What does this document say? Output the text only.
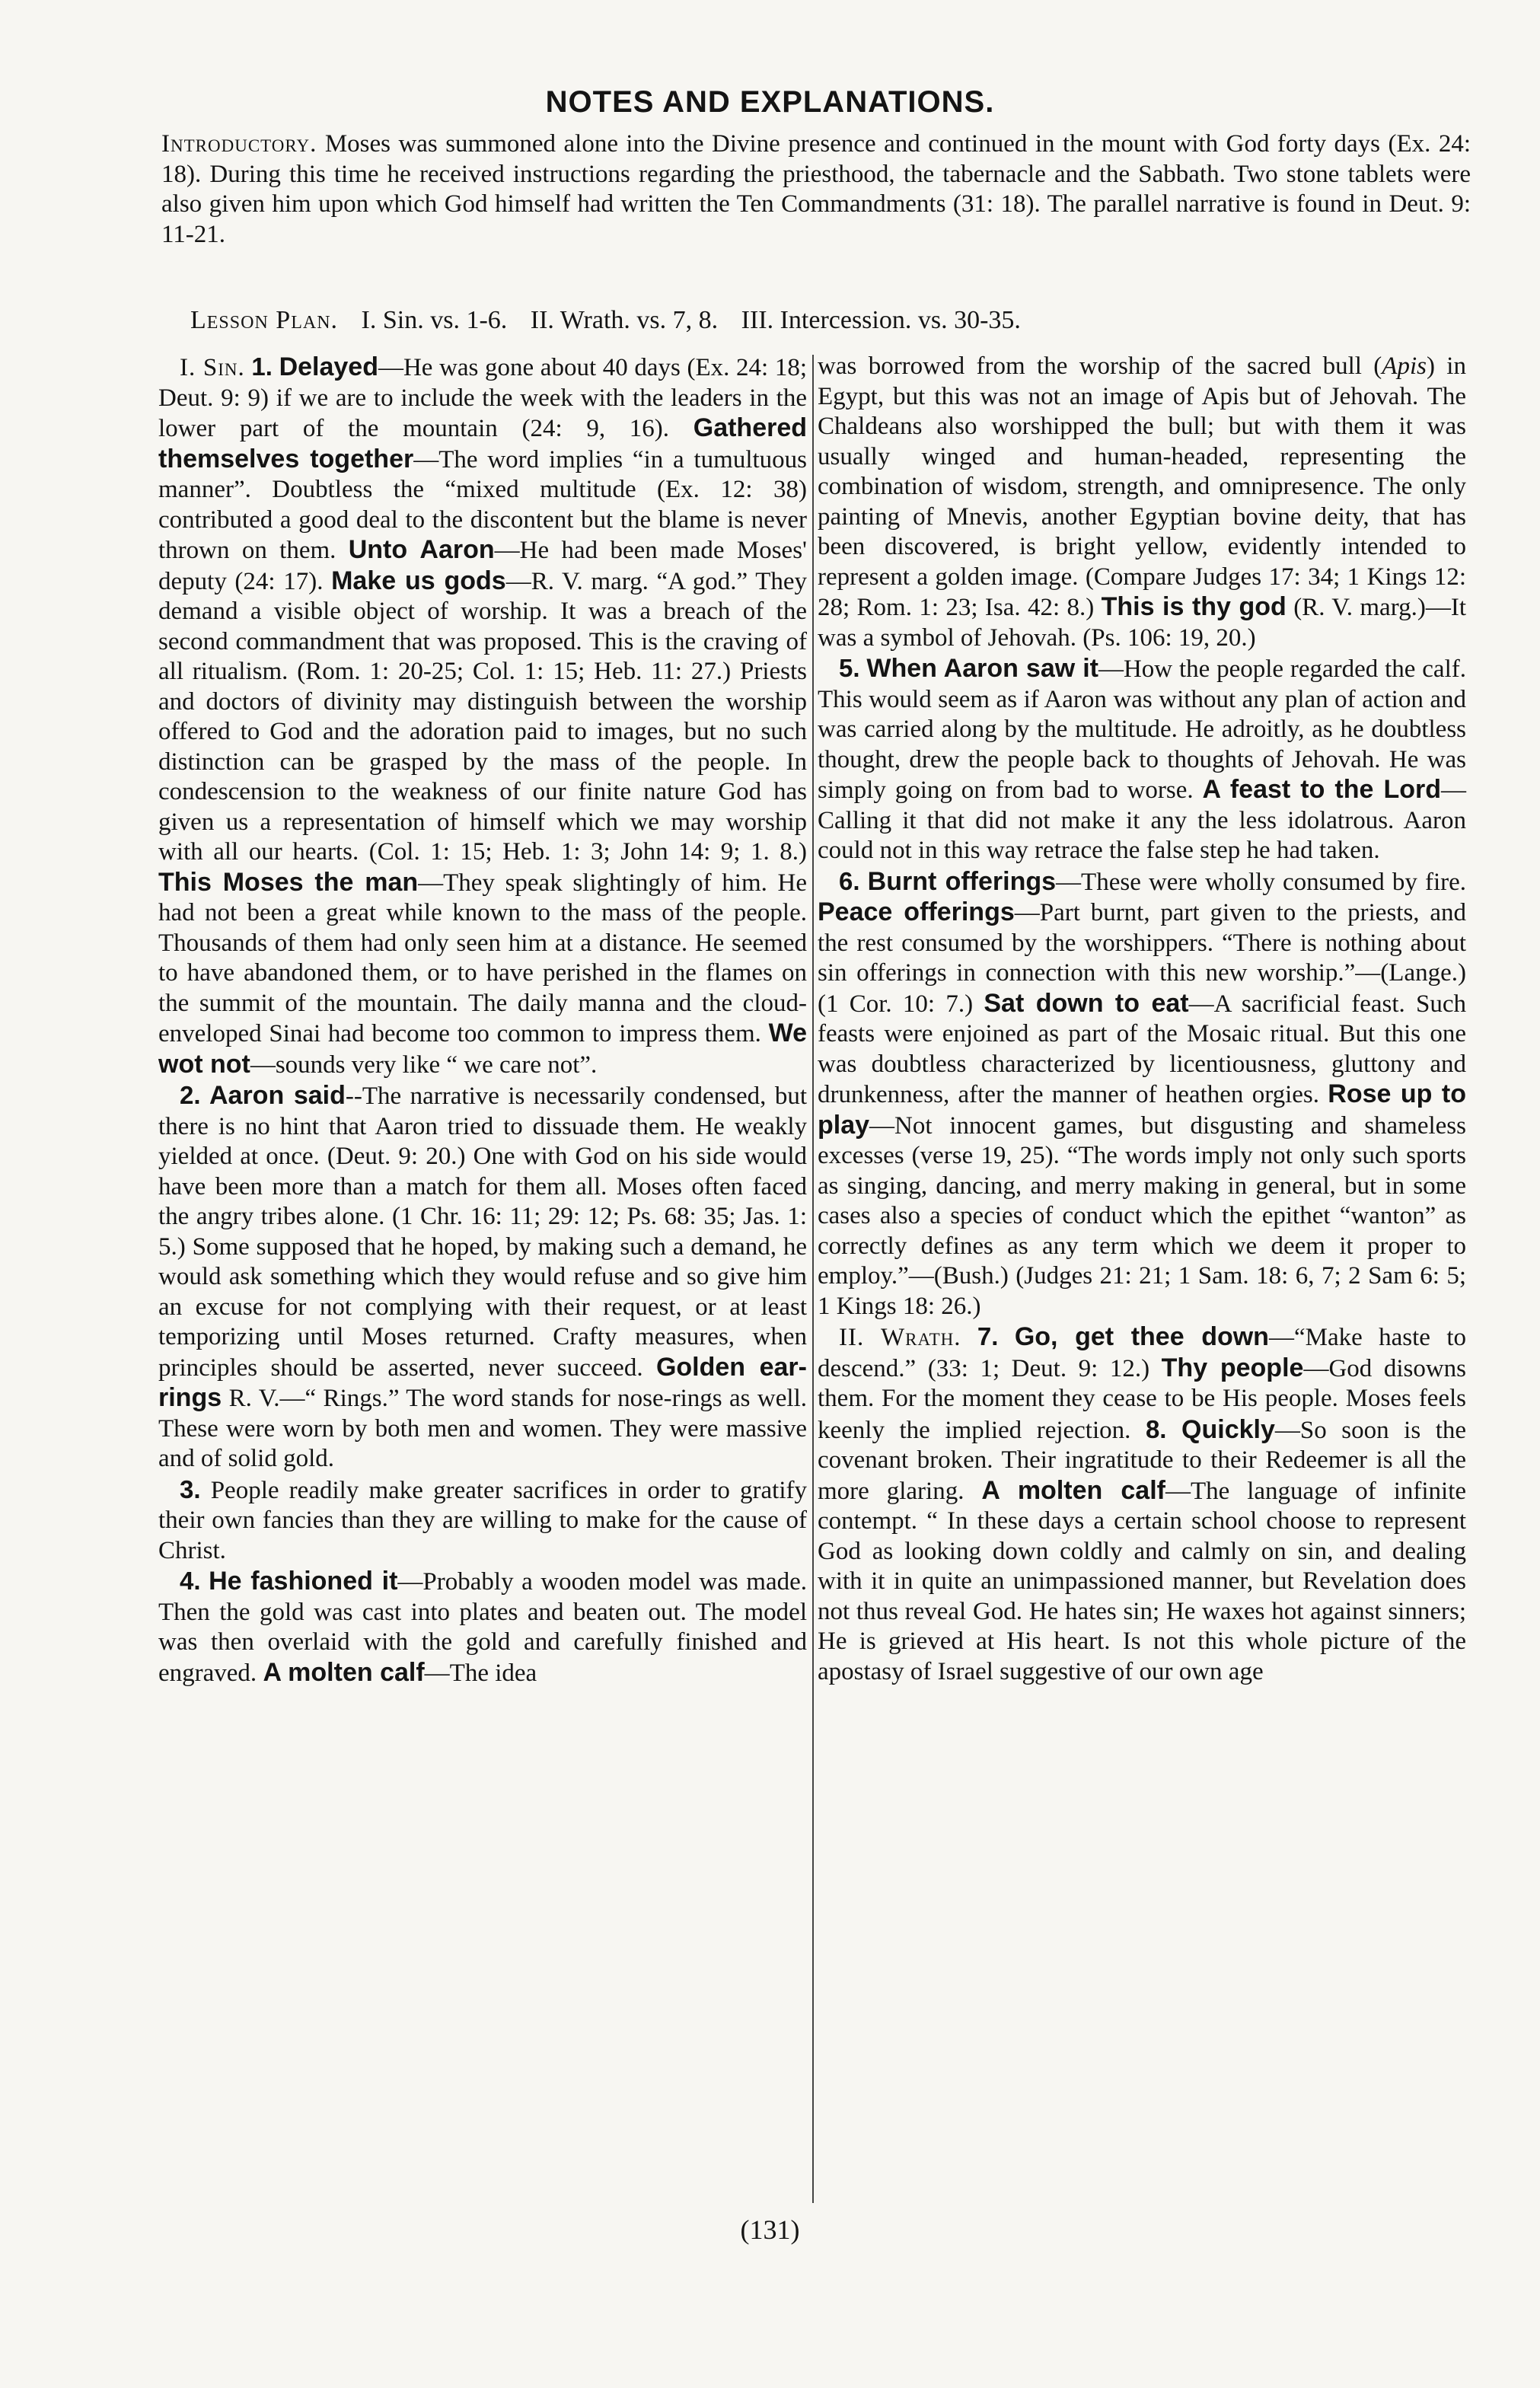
NOTES AND EXPLANATIONS.
Introductory. Moses was summoned alone into the Divine presence and continued in the mount with God forty days (Ex. 24: 18). During this time he received instructions regarding the priesthood, the tabernacle and the Sabbath. Two stone tablets were also given him upon which God himself had written the Ten Commandments (31: 18). The parallel narrative is found in Deut. 9: 11-21.
Lesson Plan. I. Sin. vs. 1-6. II. Wrath. vs. 7, 8. III. Intercession. vs. 30-35.

I. Sin. 1. Delayed—He was gone about 40 days (Ex. 24: 18; Deut. 9: 9) if we are to include the week with the leaders in the lower part of the mountain (24: 9, 16). Gathered themselves together—The word implies “in a tumultuous manner”. Doubtless the “mixed multitude (Ex. 12: 38) contributed a good deal to the discontent but the blame is never thrown on them. Unto Aaron—He had been made Moses' deputy (24: 17). Make us gods—R. V. marg. “A god.” They demand a visible object of worship. It was a breach of the second commandment that was proposed. This is the craving of all ritualism. (Rom. 1: 20-25; Col. 1: 15; Heb. 11: 27.) Priests and doctors of divinity may distinguish between the worship offered to God and the adoration paid to images, but no such distinction can be grasped by the mass of the people. In condescension to the weakness of our finite nature God has given us a representation of himself which we may worship with all our hearts. (Col. 1: 15; Heb. 1: 3; John 14: 9; 1. 8.) This Moses the man—They speak slightingly of him. He had not been a great while known to the mass of the people. Thousands of them had only seen him at a distance. He seemed to have abandoned them, or to have perished in the flames on the summit of the mountain. The daily manna and the cloud-enveloped Sinai had become too common to impress them. We wot not—sounds very like “ we care not”.

2. Aaron said--The narrative is necessarily condensed, but there is no hint that Aaron tried to dissuade them. He weakly yielded at once. (Deut. 9: 20.) One with God on his side would have been more than a match for them all. Moses often faced the angry tribes alone. (1 Chr. 16: 11; 29: 12; Ps. 68: 35; Jas. 1: 5.) Some supposed that he hoped, by making such a demand, he would ask something which they would refuse and so give him an excuse for not complying with their request, or at least temporizing until Moses returned. Crafty measures, when principles should be asserted, never succeed. Golden ear-rings R. V.—“ Rings.” The word stands for nose-rings as well. These were worn by both men and women. They were massive and of solid gold.

3. People readily make greater sacrifices in order to gratify their own fancies than they are willing to make for the cause of Christ.

4. He fashioned it—Probably a wooden model was made. Then the gold was cast into plates and beaten out. The model was then overlaid with the gold and carefully finished and engraved. A molten calf—The idea

was borrowed from the worship of the sacred bull (Apis) in Egypt, but this was not an image of Apis but of Jehovah. The Chaldeans also worshipped the bull; but with them it was usually winged and human-headed, representing the combination of wisdom, strength, and omnipresence. The only painting of Mnevis, another Egyptian bovine deity, that has been discovered, is bright yellow, evidently intended to represent a golden image. (Compare Judges 17: 34; 1 Kings 12: 28; Rom. 1: 23; Isa. 42: 8.) This is thy god (R. V. marg.)—It was a symbol of Jehovah. (Ps. 106: 19, 20.)

5. When Aaron saw it—How the people regarded the calf. This would seem as if Aaron was without any plan of action and was carried along by the multitude. He adroitly, as he doubtless thought, drew the people back to thoughts of Jehovah. He was simply going on from bad to worse. A feast to the Lord—Calling it that did not make it any the less idolatrous. Aaron could not in this way retrace the false step he had taken.

6. Burnt offerings—These were wholly consumed by fire. Peace offerings—Part burnt, part given to the priests, and the rest consumed by the worshippers. “There is nothing about sin offerings in connection with this new worship.”—(Lange.) (1 Cor. 10: 7.) Sat down to eat—A sacrificial feast. Such feasts were enjoined as part of the Mosaic ritual. But this one was doubtless characterized by licentiousness, gluttony and drunkenness, after the manner of heathen orgies. Rose up to play—Not innocent games, but disgusting and shameless excesses (verse 19, 25). “The words imply not only such sports as singing, dancing, and merry making in general, but in some cases also a species of conduct which the epithet “wanton” as correctly defines as any term which we deem it proper to employ.”—(Bush.) (Judges 21: 21; 1 Sam. 18: 6, 7; 2 Sam 6: 5; 1 Kings 18: 26.)

II. Wrath. 7. Go, get thee down—“Make haste to descend.” (33: 1; Deut. 9: 12.) Thy people—God disowns them. For the moment they cease to be His people. Moses feels keenly the implied rejection. 8. Quickly—So soon is the covenant broken. Their ingratitude to their Redeemer is all the more glaring. A molten calf—The language of infinite contempt. “ In these days a certain school choose to represent God as looking down coldly and calmly on sin, and dealing with it in quite an unimpassioned manner, but Revelation does not thus reveal God. He hates sin; He waxes hot against sinners; He is grieved at His heart. Is not this whole picture of the apostasy of Israel suggestive of our own age

(131)
